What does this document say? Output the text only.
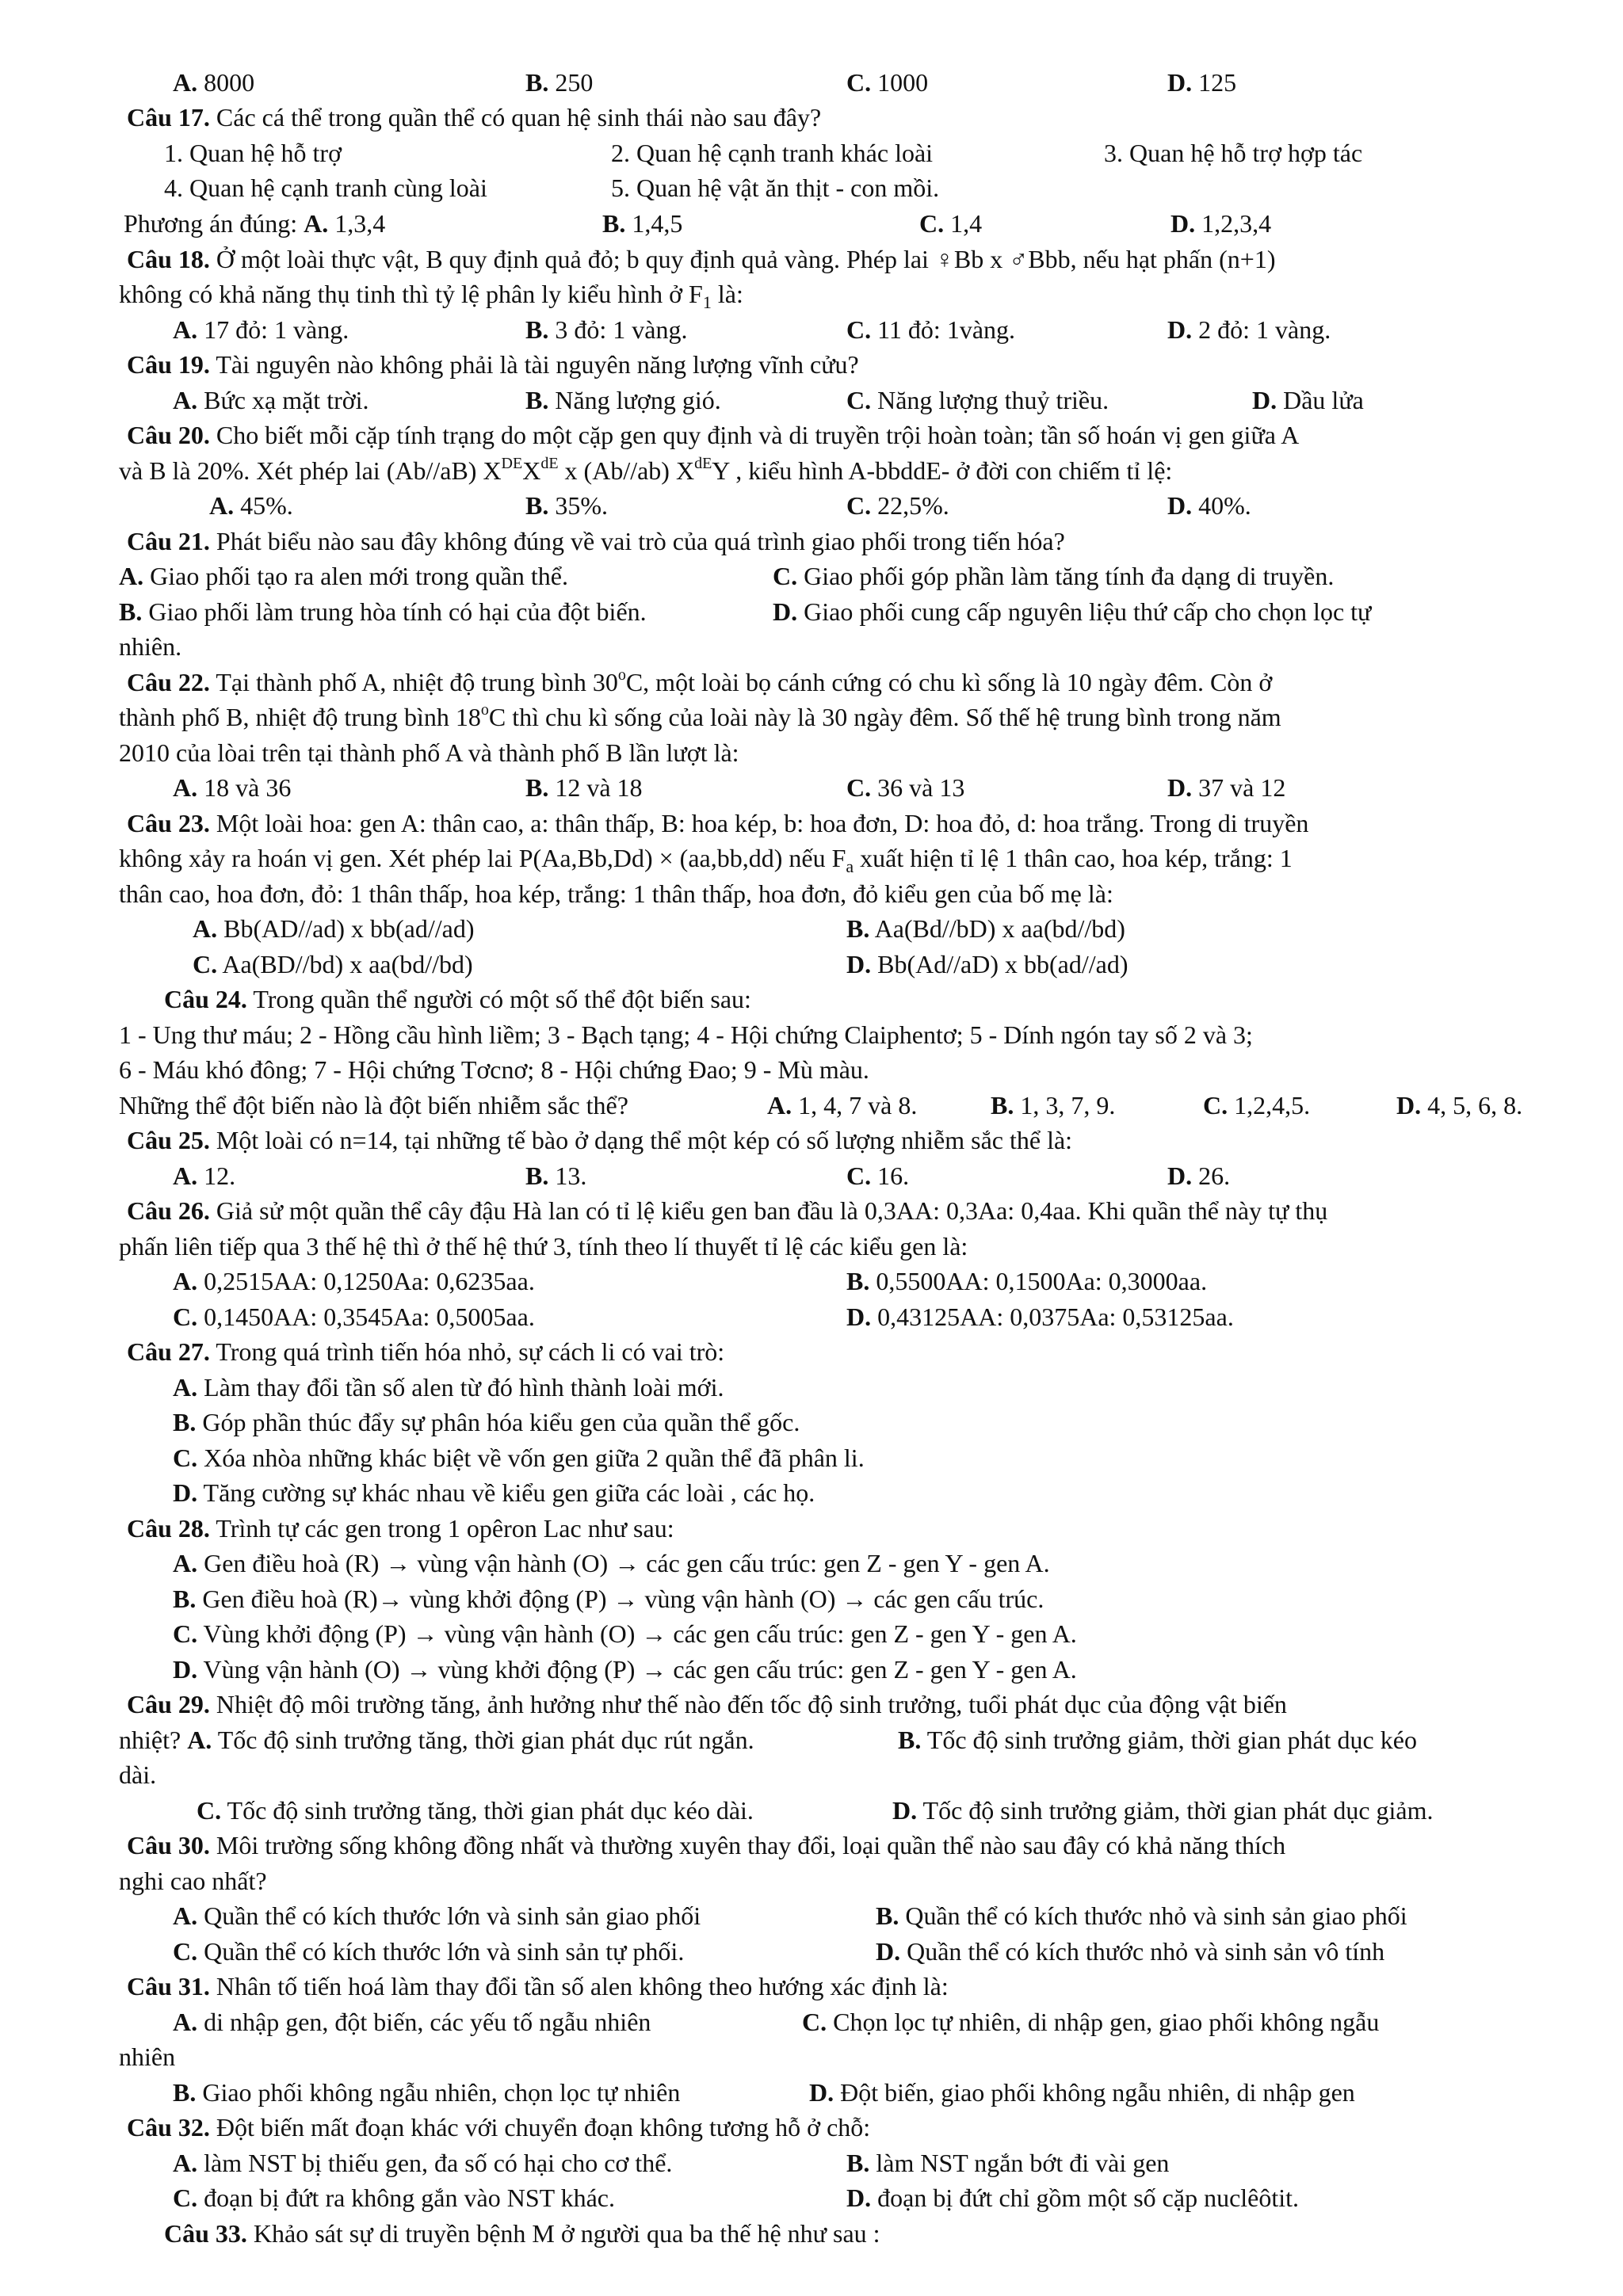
A. 8000	B. 250	C. 1000	D. 125
Câu 17. Các cá thể trong quần thể có quan hệ sinh thái nào sau đây?
1. Quan hệ hỗ trợ	2. Quan hệ cạnh tranh khác loài	3. Quan hệ hỗ trợ hợp tác
4. Quan hệ cạnh tranh cùng loài	5. Quan hệ vật ăn thịt - con mồi.
Phương án đúng: A. 1,3,4	B. 1,4,5	C. 1,4	D. 1,2,3,4
Câu 18. Ở một loài thực vật, B quy định quả đỏ; b quy định quả vàng. Phép lai ♀Bb x ♂Bbb, nếu hạt phấn (n+1)
không có khả năng thụ tinh thì tỷ lệ phân ly kiểu hình ở $F_1$ là:
A. 17 đỏ: 1 vàng.	B. 3 đỏ: 1 vàng.	C. 11 đỏ: 1vàng.	D. 2 đỏ: 1 vàng.
Câu 19. Tài nguyên nào không phải là tài nguyên năng lượng vĩnh cửu?
A. Bức xạ mặt trời.	B. Năng lượng gió.	C. Năng lượng thuỷ triều.	D. Dầu lửa
Câu 20. Cho biết mỗi cặp tính trạng do một cặp gen quy định và di truyền trội hoàn toàn; tần số hoán vị gen giữa A
và B là 20%. Xét phép lai (Ab//aB) XDEXdE x (Ab//ab) XdEY , kiểu hình A-bbddE- ở đời con chiếm tỉ lệ:
A. 45%.	B. 35%.	C. 22,5%.	D. 40%.
Câu 21. Phát biểu nào sau đây không đúng về vai trò của quá trình giao phối trong tiến hóa?
A. Giao phối tạo ra alen mới trong quần thể.	C. Giao phối góp phần làm tăng tính đa dạng di truyền.
B. Giao phối làm trung hòa tính có hại của đột biến.	D. Giao phối cung cấp nguyên liệu thứ cấp cho chọn lọc tự
nhiên.
Câu 22. Tại thành phố A, nhiệt độ trung bình 30$^o$C, một loài bọ cánh cứng có chu kì sống là 10 ngày đêm. Còn ở
thành phố B, nhiệt độ trung bình 18$^o$C thì chu kì sống của loài này là 30 ngày đêm. Số thế hệ trung bình trong năm
2010 của lòai trên tại thành phố A và thành phố B lần lượt là:
A. 18 và 36	B. 12 và 18	C. 36 và 13	D. 37 và 12
Câu 23. Một loài hoa: gen A: thân cao, a: thân thấp, B: hoa kép, b: hoa đơn, D: hoa đỏ, d: hoa trắng. Trong di truyền
không xảy ra hoán vị gen. Xét phép lai P(Aa,Bb,Dd) × (aa,bb,dd) nếu $F_a$ xuất hiện tỉ lệ 1 thân cao, hoa kép, trắng: 1
thân cao, hoa đơn, đỏ: 1 thân thấp, hoa kép, trắng: 1 thân thấp, hoa đơn, đỏ kiểu gen của bố mẹ là:
A. Bb(AD//ad) x bb(ad//ad)	B. Aa(Bd//bD) x aa(bd//bd)
C. Aa(BD//bd) x aa(bd//bd)	D. Bb(Ad//aD) x bb(ad//ad)
Câu 24. Trong quần thể người có một số thể đột biến sau:
1 - Ung thư máu; 2 - Hồng cầu hình liềm; 3 - Bạch tạng; 4 - Hội chứng Claiphentơ; 5 - Dính ngón tay số 2 và 3;
6 - Máu khó đông; 7 - Hội chứng Tơcnơ; 8 - Hội chứng Đao; 9 - Mù màu.
Những thể đột biến nào là đột biến nhiễm sắc thể?	A. 1, 4, 7 và 8.	B. 1, 3, 7, 9.	C. 1,2,4,5.	D. 4, 5, 6, 8.
Câu 25. Một loài có n=14, tại những tế bào ở dạng thể một kép có số lượng nhiễm sắc thể là:
A. 12.	B. 13.	C. 16.	D. 26.
Câu 26. Giả sử một quần thể cây đậu Hà lan có tỉ lệ kiểu gen ban đầu là 0,3AA: 0,3Aa: 0,4aa. Khi quần thể này tự thụ
phấn liên tiếp qua 3 thế hệ thì ở thế hệ thứ 3, tính theo lí thuyết tỉ lệ các kiểu gen là:
A. 0,2515AA: 0,1250Aa: 0,6235aa.	B. 0,5500AA: 0,1500Aa: 0,3000aa.
C. 0,1450AA: 0,3545Aa: 0,5005aa.	D. 0,43125AA: 0,0375Aa: 0,53125aa.
Câu 27. Trong quá trình tiến hóa nhỏ, sự cách li có vai trò:
A. Làm thay đổi tần số alen từ đó hình thành loài mới.
B. Góp phần thúc đẩy sự phân hóa kiểu gen của quần thể gốc.
C. Xóa nhòa những khác biệt về vốn gen giữa 2 quần thể đã phân li.
D. Tăng cường sự khác nhau về kiểu gen giữa các loài , các họ.
Câu 28. Trình tự các gen trong 1 opêron Lac như sau:
A. Gen điều hoà (R) → vùng vận hành (O) → các gen cấu trúc: gen Z - gen Y - gen A.
B. Gen điều hoà (R)→ vùng khởi động (P) → vùng vận hành (O) → các gen cấu trúc.
C. Vùng khởi động (P) → vùng vận hành (O) → các gen cấu trúc: gen Z - gen Y - gen A.
D. Vùng vận hành (O) → vùng khởi động (P) → các gen cấu trúc: gen Z - gen Y - gen A.
Câu 29. Nhiệt độ môi trường tăng, ảnh hưởng như thế nào đến tốc độ sinh trưởng, tuổi phát dục của động vật biến
nhiệt? A. Tốc độ sinh trưởng tăng, thời gian phát dục rút ngắn.	B. Tốc độ sinh trưởng giảm, thời gian phát dục kéo
dài.
C. Tốc độ sinh trưởng tăng, thời gian phát dục kéo dài.	D. Tốc độ sinh trưởng giảm, thời gian phát dục giảm.
Câu 30. Môi trường sống không đồng nhất và thường xuyên thay đổi, loại quần thể nào sau đây có khả năng thích
nghi cao nhất?
A. Quần thể có kích thước lớn và sinh sản giao phối	B. Quần thể có kích thước nhỏ và sinh sản giao phối
C. Quần thể có kích thước lớn và sinh sản tự phối.	D. Quần thể có kích thước nhỏ và sinh sản vô tính
Câu 31. Nhân tố tiến hoá làm thay đổi tần số alen không theo hướng xác định là:
A. di nhập gen, đột biến, các yếu tố ngẫu nhiên	C. Chọn lọc tự nhiên, di nhập gen, giao phối không ngẫu
nhiên
B. Giao phối không ngẫu nhiên, chọn lọc tự nhiên	D. Đột biến, giao phối không ngẫu nhiên, di nhập gen
Câu 32. Đột biến mất đoạn khác với chuyển đoạn không tương hỗ ở chỗ:
A. làm NST bị thiếu gen, đa số có hại cho cơ thể.	B. làm NST ngắn bớt đi vài gen
C. đoạn bị đứt ra không gắn vào NST khác.	D. đoạn bị đứt chỉ gồm một số cặp nuclêôtit.
Câu 33. Khảo sát sự di truyền bệnh M ở người qua ba thế hệ như sau :
